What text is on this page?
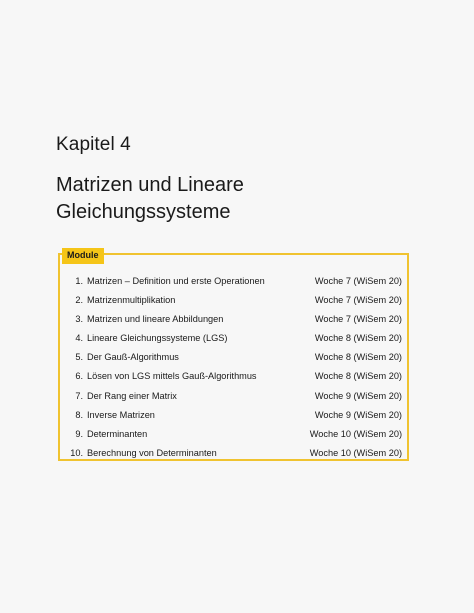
Kapitel 4
Matrizen und Lineare
Gleichungssysteme
Module
1. Matrizen – Definition und erste Operationen	Woche 7 (WiSem 20)
2. Matrizenmultiplikation	Woche 7 (WiSem 20)
3. Matrizen und lineare Abbildungen	Woche 7 (WiSem 20)
4. Lineare Gleichungssysteme (LGS)	Woche 8 (WiSem 20)
5. Der Gauß-Algorithmus	Woche 8 (WiSem 20)
6. Lösen von LGS mittels Gauß-Algorithmus	Woche 8 (WiSem 20)
7. Der Rang einer Matrix	Woche 9 (WiSem 20)
8. Inverse Matrizen	Woche 9 (WiSem 20)
9. Determinanten	Woche 10 (WiSem 20)
10. Berechnung von Determinanten	Woche 10 (WiSem 20)
